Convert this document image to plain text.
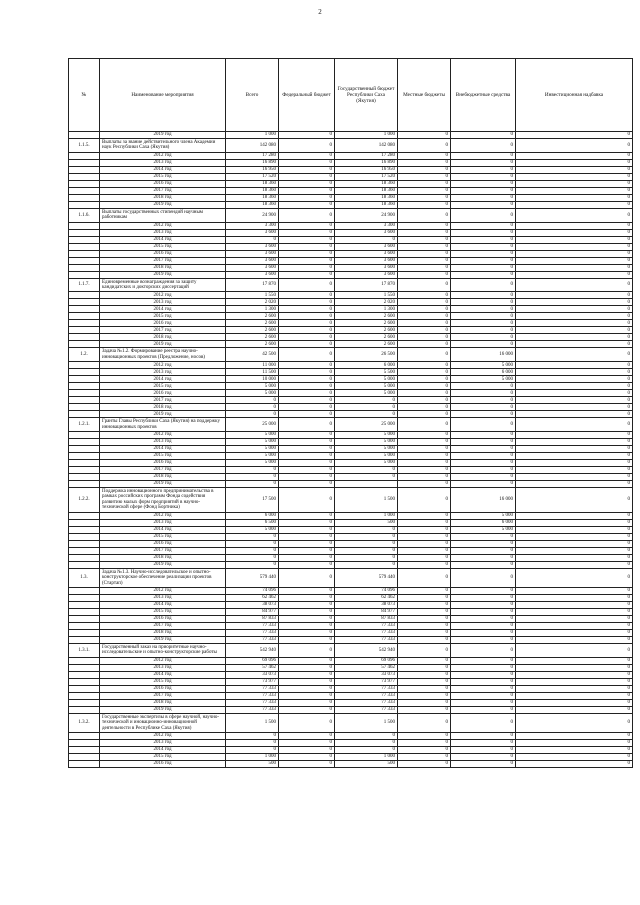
2
№	Наименование мероприятия	Всего	Федеральный бюджет	Государственный бюджет Республики Саха (Якутия)	Местные бюджеты	Внебюджетные средства	Инвестиционная надбавка
	2019 год	1 000	0	1 000	0	0	0
1.1.5.	Выплаты за звание действительного члена Академии наук Республики Саха (Якутия)	142 080	0	142 080	0	0	0
	2012 год	17 280	0	17 280	0	0	0
	2013 год	16 890	0	16 890	0	0	0
	2014 год	16 950	0	16 950	0	0	0
	2015 год	17 520	0	17 520	0	0	0
	2016 год	18 360	0	18 360	0	0	0
	2017 год	18 360	0	18 360	0	0	0
	2018 год	18 360	0	18 360	0	0	0
	2019 год	18 360	0	18 360	0	0	0
1.1.6.	Выплаты государственных стипендий научным работникам	24 900	0	24 900	0	0	0
	2012 год	3 300	0	3 300	0	0	0
	2013 год	3 600	0	3 600	0	0	0
	2014 год	0	0	0	0	0	0
	2015 год	3 600	0	3 600	0	0	0
	2016 год	3 600	0	3 600	0	0	0
	2017 год	3 600	0	3 600	0	0	0
	2018 год	3 600	0	3 600	0	0	0
	2019 год	3 600	0	3 600	0	0	0
1.1.7.	Единовременные вознаграждения за защиту кандидатских и докторских диссертаций	17 870	0	17 870	0	0	0
	2012 год	1 550	0	1 550	0	0	0
	2013 год	2 020	0	2 020	0	0	0
	2014 год	1 300	0	1 300	0	0	0
	2015 год	2 600	0	2 600	0	0	0
	2016 год	2 600	0	2 600	0	0	0
	2017 год	2 600	0	2 600	0	0	0
	2018 год	2 600	0	2 600	0	0	0
	2019 год	2 600	0	2 600	0	0	0
1.2.	Задача №1.2. Формирование реестра научно-инновационных проектов (Предложение, носов)	42 500	0	26 500	0	16 000	0
	2012 год	11 000	0	6 000	0	5 000	0
	2013 год	11 500	0	5 500	0	6 000	0
	2014 год	10 000	0	5 000	0	5 000	0
	2015 год	5 000	0	5 000	0	0	0
	2016 год	5 000	0	5 000	0	0	0
	2017 год	0	0	0	0	0	0
	2018 год	0	0	0	0	0	0
	2019 год	0	0	0	0	0	0
1.2.1.	Гранты Главы Республики Саха (Якутия) на поддержку инновационных проектов	25 000	0	25 000	0	0	0
	2012 год	5 000	0	5 000	0	0	0
	2013 год	5 000	0	5 000	0	0	0
	2014 год	5 000	0	5 000	0	0	0
	2015 год	5 000	0	5 000	0	0	0
	2016 год	5 000	0	5 000	0	0	0
	2017 год	0	0	0	0	0	0
	2018 год	0	0	0	0	0	0
	2019 год	0	0		0	0	0
1.2.2.	Поддержка инновационного предпринимательства в рамках российских программ Фонда содействия развитию малых форм предприятий в научно-технической сфере (Фонд Бортника)	17 500	0	1 500	0	16 000	0
	2012 год	6 000	0	1 000	0	5 000	0
	2013 год	6 500	0	500	0	6 000	0
	2014 год	5 000	0	0	0	5 000	0
	2015 год	0	0	0	0	0	0
	2016 год	0	0	0	0	0	0
	2017 год	0	0	0	0	0	0
	2018 год	0	0	0	0	0	0
	2019 год	0	0	0	0	0	0
1.3.	Задача №1.3. Научно-исследовательское и опытно-конструкторское обеспечение реализации проектов (Стартап)	579 440	0	579 440	0	0	0
	2012 год	74 096	0	74 096	0	0	0
	2013 год	62 462	0	62 462	0	0	0
	2014 год	38 073	0	38 073	0	0	0
	2015 год	84 977	0	84 977	0	0	0
	2016 год	87 833	0	87 833	0	0	0
	2017 год	77 333	0	77 333	0	0	0
	2018 год	77 333	0	77 333	0	0	0
	2019 год	77 333	0	77 333	0	0	0
1.3.1.	Государственный заказ на приоритетные научно-исследовательские и опытно-конструкторские работы	542 940	0	542 940	0	0	0
	2012 год	69 096	0	69 096	0	0	0
	2013 год	57 462	0	57 462	0	0	0
	2014 год	33 073	0	33 073	0	0	0
	2015 год	73 977	0	73 977	0	0	0
	2016 год	77 333	0	77 333	0	0	0
	2017 год	77 333	0	77 333	0	0	0
	2018 год	77 333	0	77 333	0	0	0
	2019 год	77 333	0	77 333	0	0	0
1.3.2.	Государственные экспертизы в сфере научной, научно-технической и иновационно-инновационной деятельности в Республике Саха (Якутия)	1 500	0	1 500	0	0	0
	2012 год	0	0	0	0	0	0
	2013 год	0	0	0	0	0	0
	2014 год	0	0	0	0	0	0
	2015 год	1 000	0	1 000	0	0	0
	2016 год	500	0	500	0	0	0
